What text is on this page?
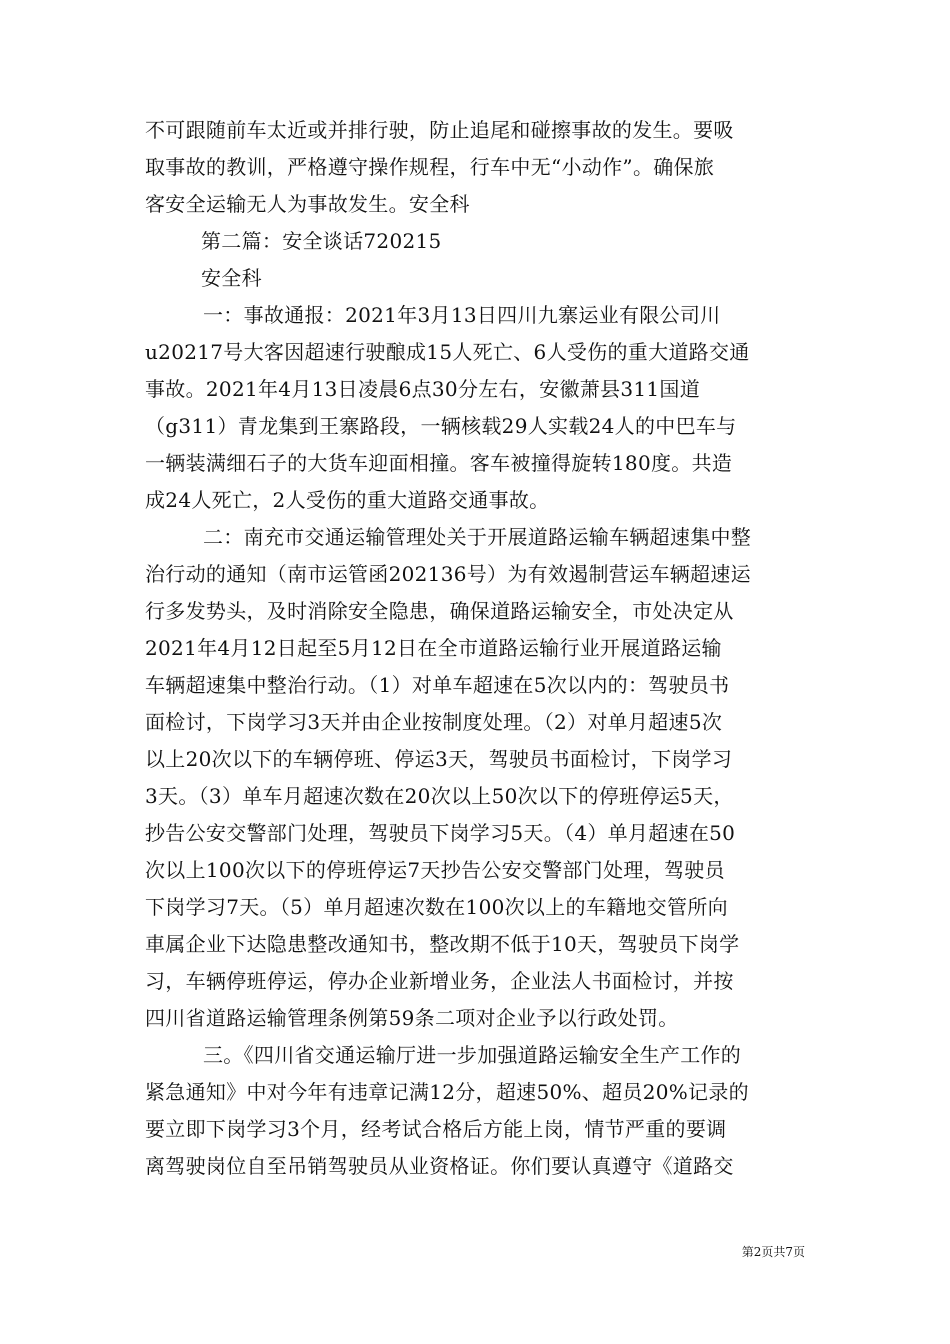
不可跟随前车太近或并排行驶，防止追尾和碰擦事故的发生。要吸
取事故的教训，严格遵守操作规程，行车中无“小动作”。确保旅
客安全运输无人为事故发生。安全科
第二篇：安全谈话720215
安全科
一：事故通报：2021年3月13日四川九寨运业有限公司川
u20217号大客因超速行驶酿成15人死亡、6人受伤的重大道路交通
事故。2021年4月13日凌晨6点30分左右，安徽萧县311国道
（g311）青龙集到王寨路段，一辆核载29人实载24人的中巴车与
一辆装满细石子的大货车迎面相撞。客车被撞得旋转180度。共造
成24人死亡，2人受伤的重大道路交通事故。
二：南充市交通运输管理处关于开展道路运输车辆超速集中整
治行动的通知（南市运管函202136号）为有效遏制营运车辆超速运
行多发势头，及时消除安全隐患，确保道路运输安全，市处决定从
2021年4月12日起至5月12日在全市道路运输行业开展道路运输
车辆超速集中整治行动。（1）对单车超速在5次以内的：驾驶员书
面检讨，下岗学习3天并由企业按制度处理。（2）对单月超速5次
以上20次以下的车辆停班、停运3天，驾驶员书面检讨，下岗学习
3天。（3）单车月超速次数在20次以上50次以下的停班停运5天，
抄告公安交警部门处理，驾驶员下岗学习5天。（4）单月超速在50
次以上100次以下的停班停运7天抄告公安交警部门处理，驾驶员
下岗学习7天。（5）单月超速次数在100次以上的车籍地交管所向
車属企业下达隐患整改通知书，整改期不低于10天，驾驶员下岗学
习，车辆停班停运，停办企业新增业务，企业法人书面检讨，并按
四川省道路运输管理条例第59条二项对企业予以行政处罚。
三。《四川省交通运输厅进一步加强道路运输安全生产工作的
紧急通知》中对今年有违章记满12分，超速50%、超员20%记录的
要立即下岗学习3个月，经考试合格后方能上岗，情节严重的要调
离驾驶岗位自至吊销驾驶员从业资格证。你们要认真遵守《道路交
第2页共7页
